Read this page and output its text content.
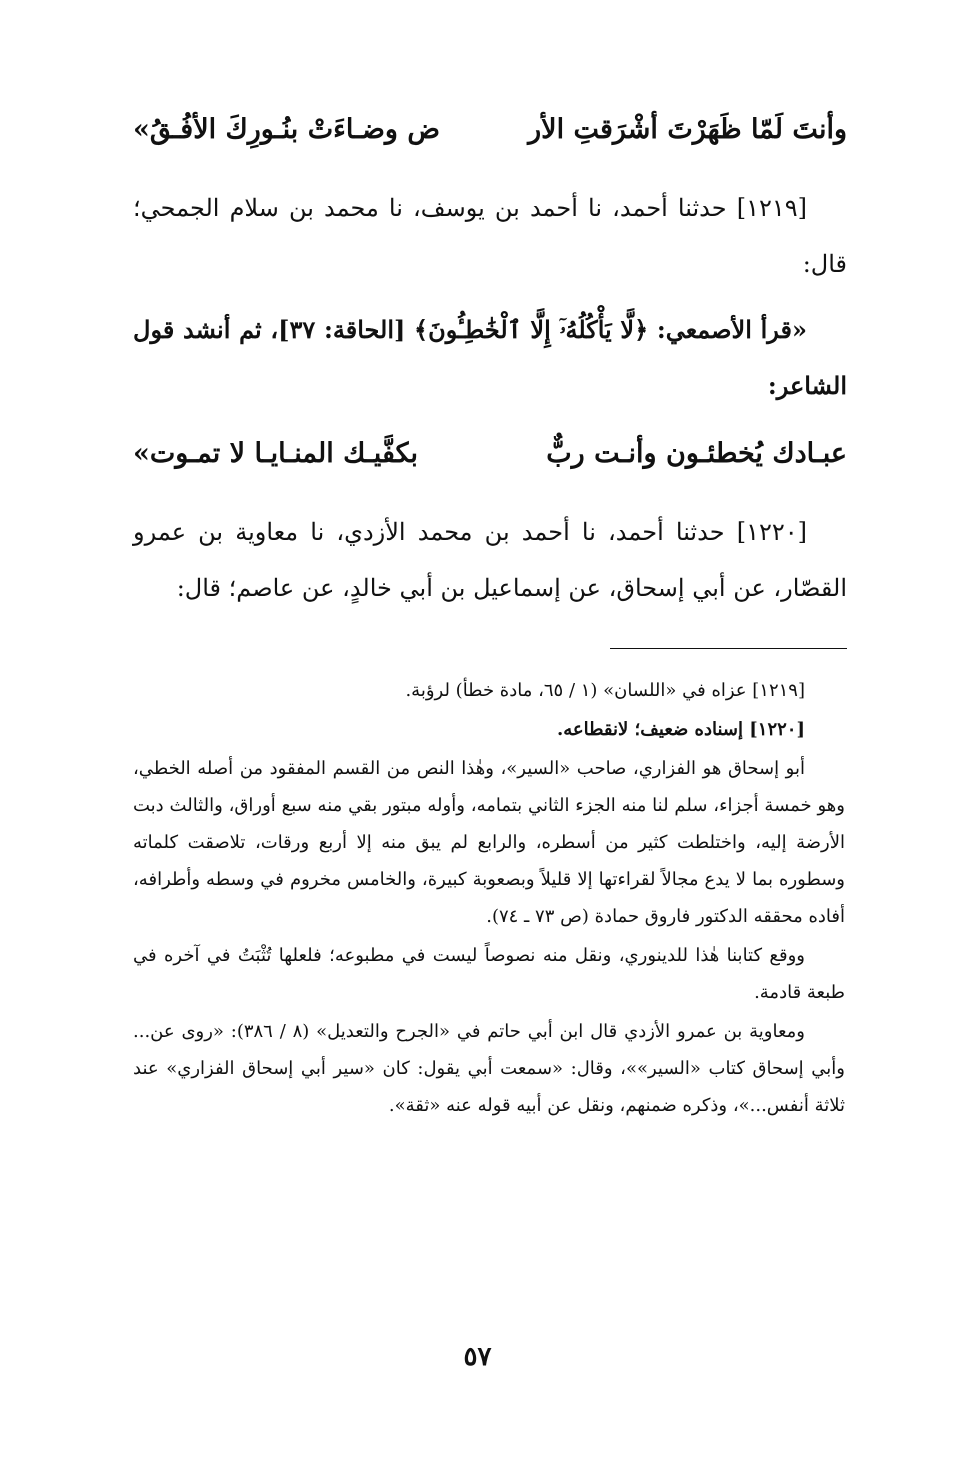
وأنتَ لَمّا ظَهَرْتَ أشْرَقتِ الأر
ض وضـاءَتْ بنُـورِكَ الأفُـقُ»

[١٢١٩] حدثنا أحمد، نا أحمد بن يوسف، نا محمد بن سلام الجمحي؛ قال:

«قرأ الأصمعي: ﴿لَّا يَأْكُلُهُۥٓ إِلَّا ٱلْخَٰطِـُٔونَ﴾ [الحاقة: ٣٧]، ثم أنشد قول الشاعر:

عبـادك يُخطئـون وأنـت ربٌّ
بكفَّيـك المنـايـا لا تمـوت»

[١٢٢٠] حدثنا أحمد، نا أحمد بن محمد الأزدي، نا معاوية بن عمرو القصّار، عن أبي إسحاق، عن إسماعيل بن أبي خالدٍ، عن عاصم؛ قال:

[١٢١٩] عزاه في «اللسان» (١ / ٦٥، مادة خطأ) لرؤبة.

[١٢٢٠] إسناده ضعيف؛ لانقطاعه.

أبو إسحاق هو الفزاري، صاحب «السير»، وهٰذا النص من القسم المفقود من أصله الخطي، وهو خمسة أجزاء، سلم لنا منه الجزء الثاني بتمامه، وأوله مبتور بقي منه سبع أوراق، والثالث دبت الأرضة إليه، واختلطت كثير من أسطره، والرابع لم يبق منه إلا أربع ورقات، تلاصقت كلماته وسطوره بما لا يدع مجالاً لقراءتها إلا قليلاً وبصعوبة كبيرة، والخامس مخروم في وسطه وأطرافه، أفاده محققه الدكتور فاروق حمادة (ص ٧٣ ـ ٧٤).

ووقع كتابنا هٰذا للدينوري، ونقل منه نصوصاً ليست في مطبوعه؛ فلعلها تُثْبَتُ في آخره في طبعة قادمة.

ومعاوية بن عمرو الأزدي قال ابن أبي حاتم في «الجرح والتعديل» (٨ / ٣٨٦): «روى عن... وأبي إسحاق كتاب «السير»»، وقال: «سمعت أبي يقول: كان «سير أبي إسحاق الفزاري» عند ثلاثة أنفس...»، وذكره ضمنهم، ونقل عن أبيه قوله عنه «ثقة».

٥٧
